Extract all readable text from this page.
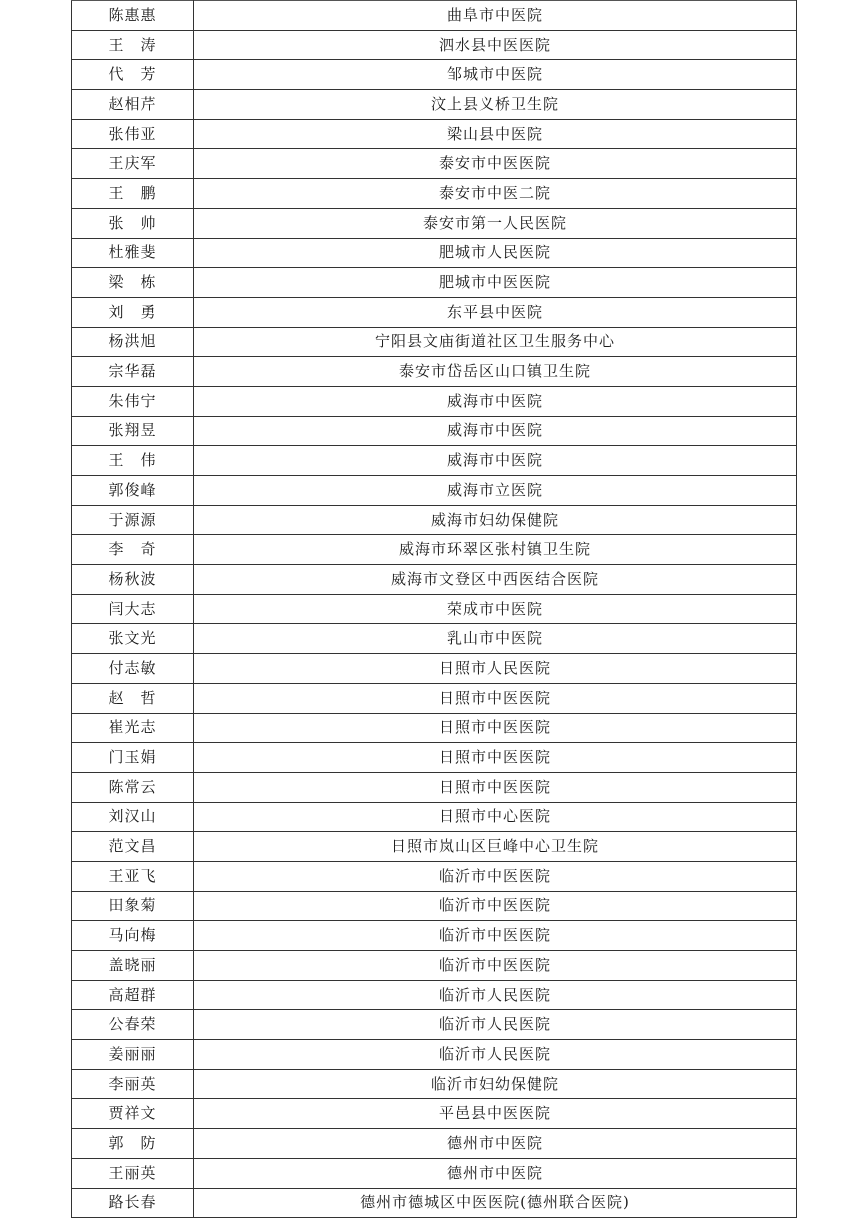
陈惠惠	曲阜市中医院
王　涛	泗水县中医医院
代　芳	邹城市中医院
赵相芹	汶上县义桥卫生院
张伟亚	梁山县中医院
王庆军	泰安市中医医院
王　鹏	泰安市中医二院
张　帅	泰安市第一人民医院
杜雅斐	肥城市人民医院
梁　栋	肥城市中医医院
刘　勇	东平县中医院
杨洪旭	宁阳县文庙街道社区卫生服务中心
宗华磊	泰安市岱岳区山口镇卫生院
朱伟宁	威海市中医院
张翔昱	威海市中医院
王　伟	威海市中医院
郭俊峰	威海市立医院
于源源	威海市妇幼保健院
李　奇	威海市环翠区张村镇卫生院
杨秋波	威海市文登区中西医结合医院
闫大志	荣成市中医院
张文光	乳山市中医院
付志敏	日照市人民医院
赵　哲	日照市中医医院
崔光志	日照市中医医院
门玉娟	日照市中医医院
陈常云	日照市中医医院
刘汉山	日照市中心医院
范文昌	日照市岚山区巨峰中心卫生院
王亚飞	临沂市中医医院
田象菊	临沂市中医医院
马向梅	临沂市中医医院
盖晓丽	临沂市中医医院
高超群	临沂市人民医院
公春荣	临沂市人民医院
姜丽丽	临沂市人民医院
李丽英	临沂市妇幼保健院
贾祥文	平邑县中医医院
郭　防	德州市中医院
王丽英	德州市中医院
路长春	德州市德城区中医医院(德州联合医院)
